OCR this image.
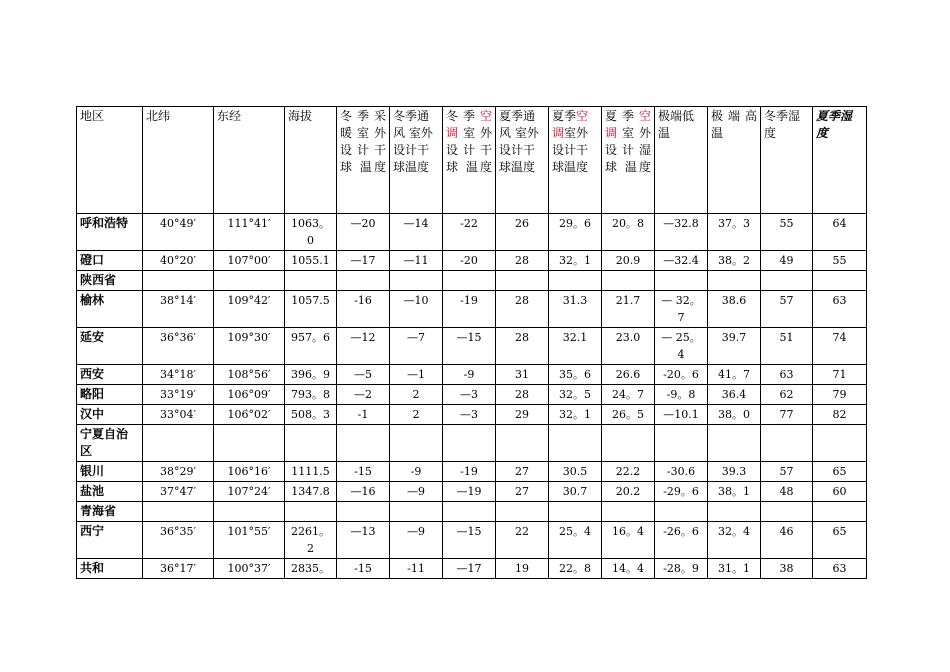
地区	北纬	东经	海拔	冬 季 采 暖 室 外 设 计 干 球 温度	冬季通风 室外设计干球温度	冬 季 空调 室 外 设 计 干 球 温度	夏季通风 室外设计干球温度	夏季空调室外设计干球温度	夏 季 空 调 室 外 设 计 湿 球 温度	极端低温	极 端 高温	冬季湿度	夏季湿度
呼和浩特	40°49′	111°41′	1063。0	—20	—14	-22	26	29。6	20。8	—32.8	37。3	55	64
磴口	40°20′	107°00′	1055.1	—17	—11	-20	28	32。1	20.9	—32.4	38。2	49	55
陕西省													
榆林	38°14′	109°42′	1057.5	-16	—10	-19	28	31.3	21.7	— 32。7	38.6	57	63
延安	36°36′	109°30′	957。6	—12	—7	—15	28	32.1	23.0	— 25。4	39.7	51	74
西安	34°18′	108°56′	396。9	—5	—1	-9	31	35。6	26.6	-20。6	41。7	63	71
略阳	33°19′	106°09′	793。8	—2	2	—3	28	32。5	24。7	-9。8	36.4	62	79
汉中	33°04′	106°02′	508。3	-1	2	—3	29	32。1	26。5	—10.1	38。0	77	82
宁夏自治区													
银川	38°29′	106°16′	1111.5	-15	-9	-19	27	30.5	22.2	-30.6	39.3	57	65
盐池	37°47′	107°24′	1347.8	—16	—9	—19	27	30.7	20.2	-29。6	38。1	48	60
青海省													
西宁	36°35′	101°55′	2261。2	—13	—9	—15	22	25。4	16。4	-26。6	32。4	46	65
共和	36°17′	100°37′	2835。	-15	-11	—17	19	22。8	14。4	-28。9	31。1	38	63
